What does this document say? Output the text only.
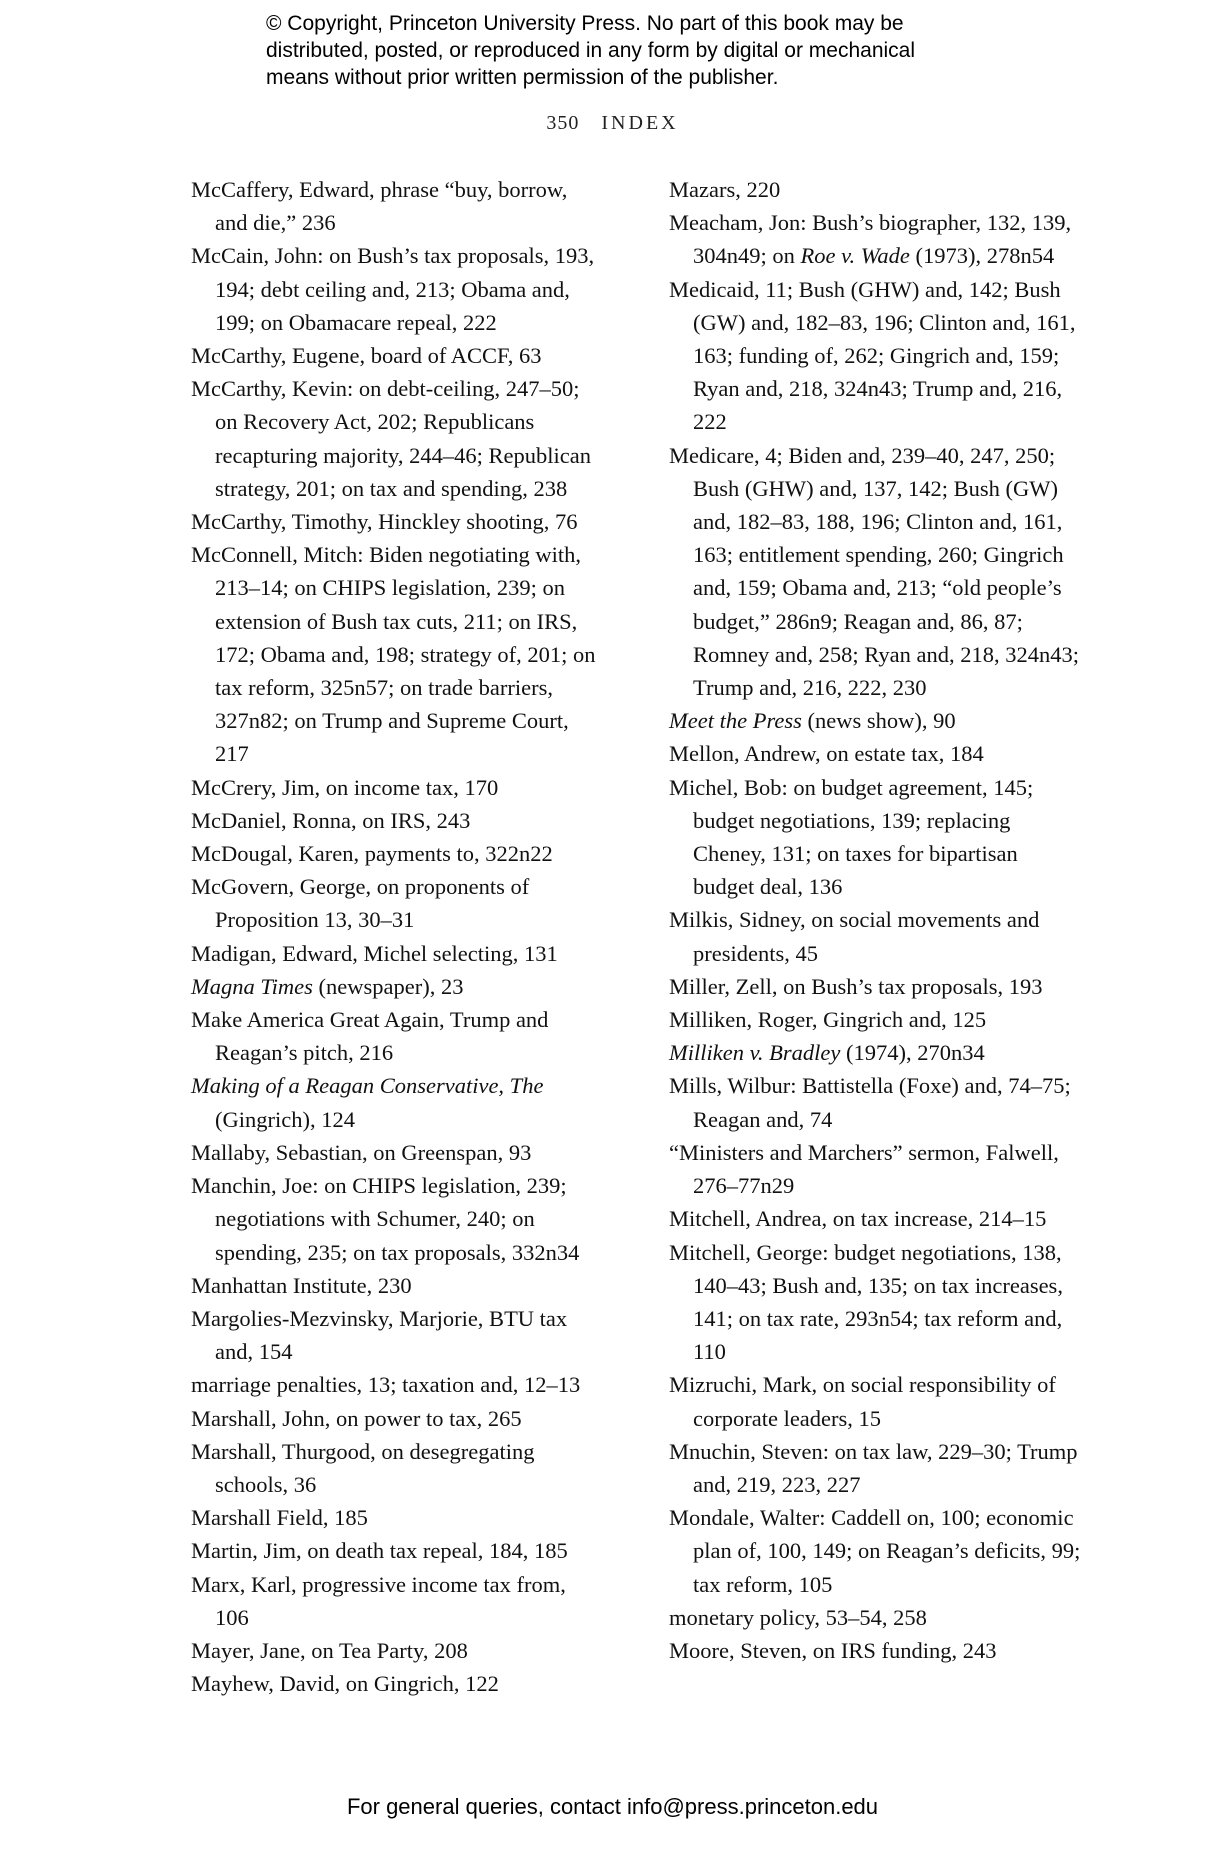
© Copyright, Princeton University Press. No part of this book may be
distributed, posted, or reproduced in any form by digital or mechanical
means without prior written permission of the publisher.
350 INDEX

McCaffery, Edward, phrase “buy, borrow, and die,” 236

McCain, John: on Bush’s tax proposals, 193, 194; debt ceiling and, 213; Obama and, 199; on Obamacare repeal, 222

McCarthy, Eugene, board of ACCF, 63

McCarthy, Kevin: on debt-ceiling, 247–50; on Recovery Act, 202; Republicans recapturing majority, 244–46; Republican strategy, 201; on tax and spending, 238

McCarthy, Timothy, Hinckley shooting, 76

McConnell, Mitch: Biden negotiating with, 213–14; on CHIPS legislation, 239; on extension of Bush tax cuts, 211; on IRS, 172; Obama and, 198; strategy of, 201; on tax reform, 325n57; on trade barriers, 327n82; on Trump and Supreme Court, 217

McCrery, Jim, on income tax, 170

McDaniel, Ronna, on IRS, 243

McDougal, Karen, payments to, 322n22

McGovern, George, on proponents of Proposition 13, 30–31

Madigan, Edward, Michel selecting, 131

Magna Times (newspaper), 23

Make America Great Again, Trump and Reagan’s pitch, 216

Making of a Reagan Conservative, The (Gingrich), 124

Mallaby, Sebastian, on Greenspan, 93

Manchin, Joe: on CHIPS legislation, 239; negotiations with Schumer, 240; on spending, 235; on tax proposals, 332n34

Manhattan Institute, 230

Margolies-Mezvinsky, Marjorie, BTU tax and, 154

marriage penalties, 13; taxation and, 12–13

Marshall, John, on power to tax, 265

Marshall, Thurgood, on desegregating schools, 36

Marshall Field, 185

Martin, Jim, on death tax repeal, 184, 185

Marx, Karl, progressive income tax from, 106

Mayer, Jane, on Tea Party, 208

Mayhew, David, on Gingrich, 122

Mazars, 220

Meacham, Jon: Bush’s biographer, 132, 139, 304n49; on Roe v. Wade (1973), 278n54

Medicaid, 11; Bush (GHW) and, 142; Bush (GW) and, 182–83, 196; Clinton and, 161, 163; funding of, 262; Gingrich and, 159; Ryan and, 218, 324n43; Trump and, 216, 222

Medicare, 4; Biden and, 239–40, 247, 250; Bush (GHW) and, 137, 142; Bush (GW) and, 182–83, 188, 196; Clinton and, 161, 163; entitlement spending, 260; Gingrich and, 159; Obama and, 213; “old people’s budget,” 286n9; Reagan and, 86, 87; Romney and, 258; Ryan and, 218, 324n43; Trump and, 216, 222, 230

Meet the Press (news show), 90

Mellon, Andrew, on estate tax, 184

Michel, Bob: on budget agreement, 145; budget negotiations, 139; replacing Cheney, 131; on taxes for bipartisan budget deal, 136

Milkis, Sidney, on social movements and presidents, 45

Miller, Zell, on Bush’s tax proposals, 193

Milliken, Roger, Gingrich and, 125

Milliken v. Bradley (1974), 270n34

Mills, Wilbur: Battistella (Foxe) and, 74–75; Reagan and, 74

“Ministers and Marchers” sermon, Falwell, 276–77n29

Mitchell, Andrea, on tax increase, 214–15

Mitchell, George: budget negotiations, 138, 140–43; Bush and, 135; on tax increases, 141; on tax rate, 293n54; tax reform and, 110

Mizruchi, Mark, on social responsibility of corporate leaders, 15

Mnuchin, Steven: on tax law, 229–30; Trump and, 219, 223, 227

Mondale, Walter: Caddell on, 100; economic plan of, 100, 149; on Reagan’s deficits, 99; tax reform, 105

monetary policy, 53–54, 258

Moore, Steven, on IRS funding, 243

For general queries, contact info@press.princeton.edu
